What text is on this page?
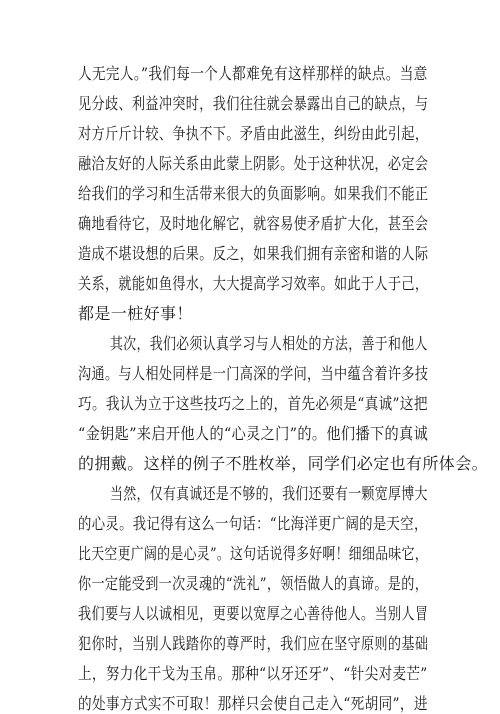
人无完人。”我们每一个人都难免有这样那样的缺点。当意
见分歧、利益冲突时，我们往往就会暴露出自己的缺点，与
对方斤斤计较、争执不下。矛盾由此滋生，纠纷由此引起，
融洽友好的人际关系由此蒙上阴影。处于这种状况，必定会
给我们的学习和生活带来很大的负面影响。如果我们不能正
确地看待它，及时地化解它，就容易使矛盾扩大化，甚至会
造成不堪设想的后果。反之，如果我们拥有亲密和谐的人际
关系，就能如鱼得水，大大提高学习效率。如此于人于己，
都是一桩好事！
其次，我们必须认真学习与人相处的方法，善于和他人
沟通。与人相处同样是一门高深的学问，当中蕴含着许多技
巧。我认为立于这些技巧之上的，首先必须是“真诚”这把
“金钥匙”来启开他人的“心灵之门”的。他们播下的真诚
的拥戴。这样的例子不胜枚举，同学们必定也有所体会。
当然，仅有真诚还是不够的，我们还要有一颗宽厚博大
的心灵。我记得有这么一句话：“比海洋更广阔的是天空，
比天空更广阔的是心灵”。这句话说得多好啊！细细品味它，
你一定能受到一次灵魂的“洗礼”，领悟做人的真谛。是的，
我们要与人以诚相见，更要以宽厚之心善待他人。当别人冒
犯你时，当别人践踏你的尊严时，我们应在坚守原则的基础
上，努力化干戈为玉帛。那种“以牙还牙”、“针尖对麦芒”
的处事方式实不可取！那样只会使自己走入“死胡同”，进
